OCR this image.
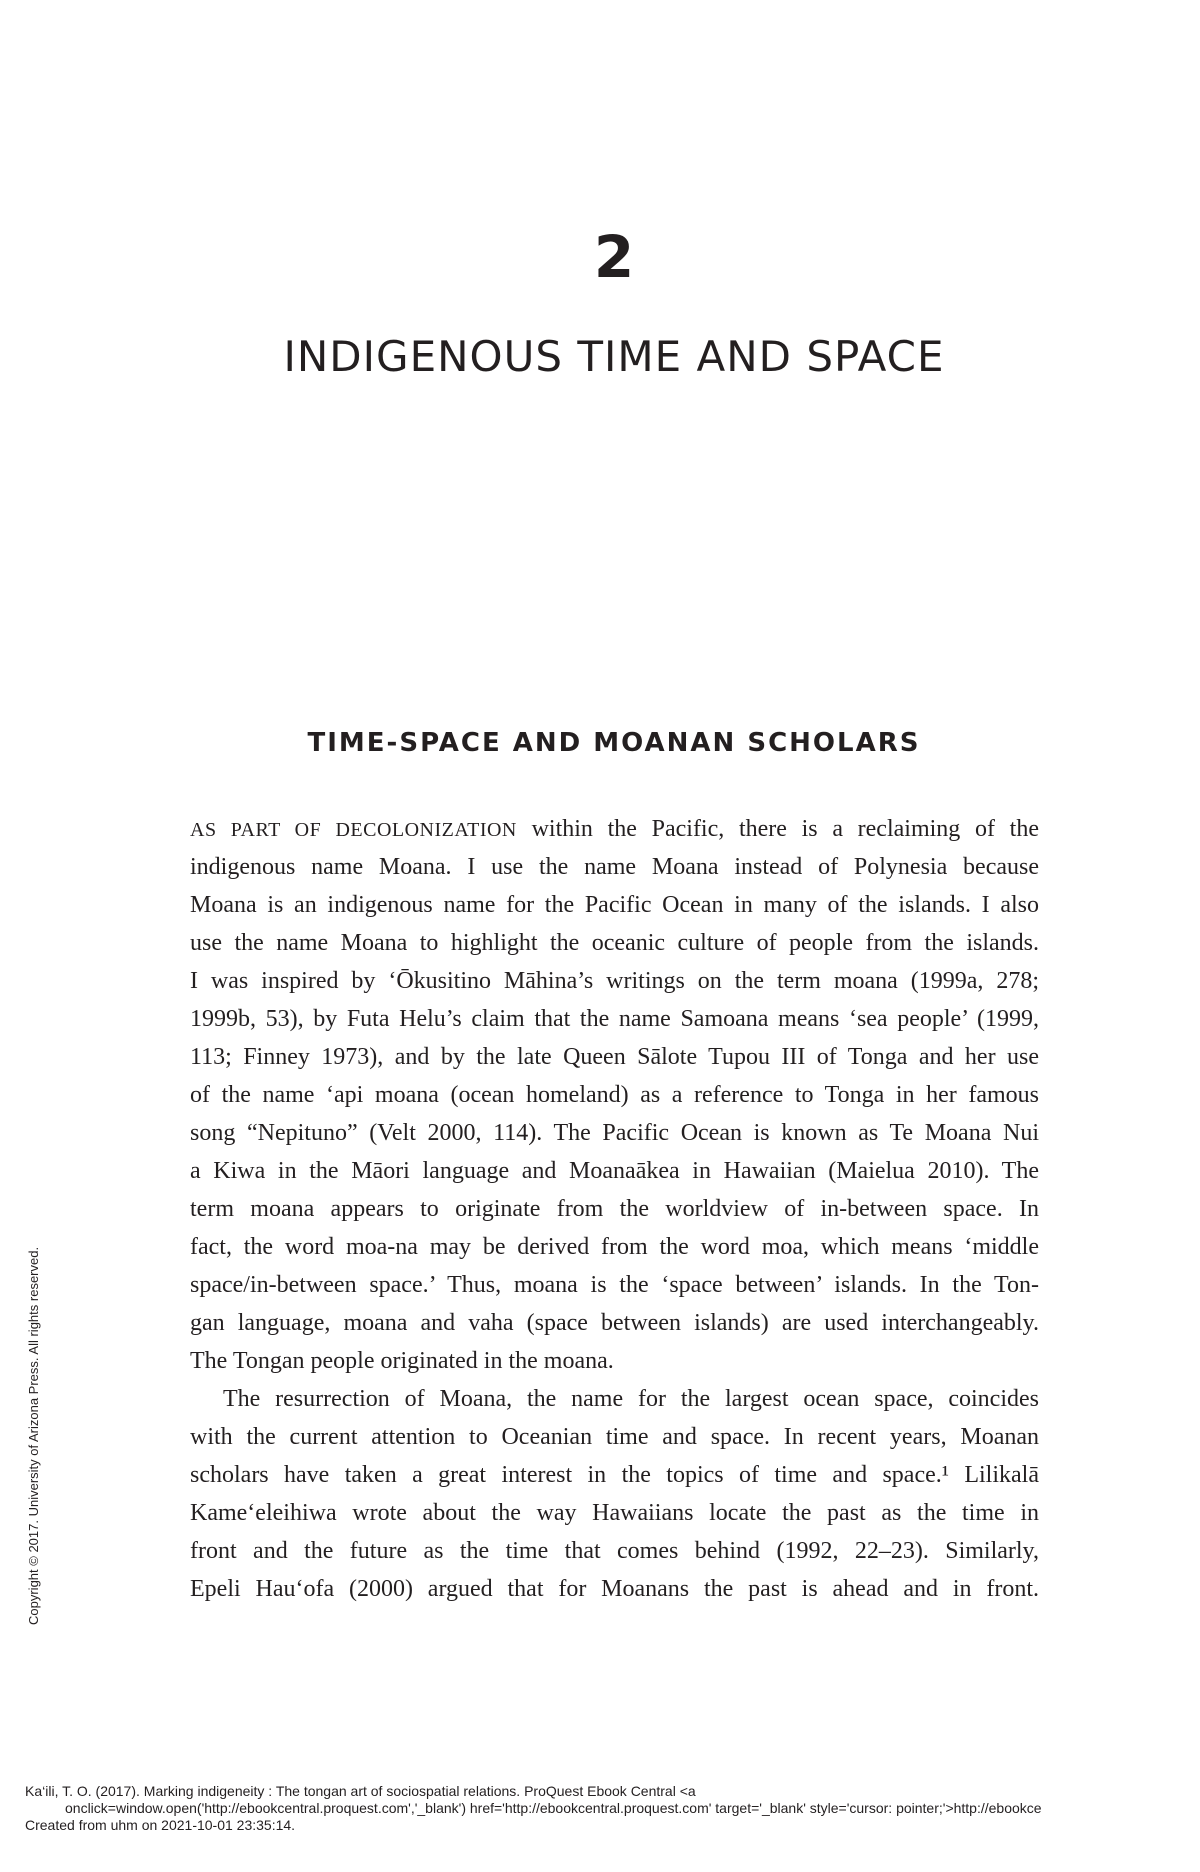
2
INDIGENOUS TIME AND SPACE
TIME-SPACE AND MOANAN SCHOLARS
AS PART OF DECOLONIZATION within the Pacific, there is a reclaiming of the
indigenous name Moana. I use the name Moana instead of Polynesia because
Moana is an indigenous name for the Pacific Ocean in many of the islands. I also
use the name Moana to highlight the oceanic culture of people from the islands.
I was inspired by ʻŌkusitino Māhina’s writings on the term moana (1999a, 278;
1999b, 53), by Futa Helu’s claim that the name Samoana means ‘sea people’ (1999,
113; Finney 1973), and by the late Queen Sālote Tupou III of Tonga and her use
of the name ʻapi moana (ocean homeland) as a reference to Tonga in her famous
song “Nepituno” (Velt 2000, 114). The Pacific Ocean is known as Te Moana Nui
a Kiwa in the Māori language and Moanaākea in Hawaiian (Maielua 2010). The
term moana appears to originate from the worldview of in-between space. In
fact, the word moa-na may be derived from the word moa, which means ‘middle
space/in-between space.’ Thus, moana is the ‘space between’ islands. In the Ton-
gan language, moana and vaha (space between islands) are used interchangeably.
The Tongan people originated in the moana.
The resurrection of Moana, the name for the largest ocean space, coincides
with the current attention to Oceanian time and space. In recent years, Moanan
scholars have taken a great interest in the topics of time and space.¹ Lilikalā
Kameʻeleihiwa wrote about the way Hawaiians locate the past as the time in
front and the future as the time that comes behind (1992, 22–23). Similarly,
Epeli Hauʻofa (2000) argued that for Moanans the past is ahead and in front.
Copyright © 2017. University of Arizona Press. All rights reserved.
Ka‘ili, T. O. (2017). Marking indigeneity : The tongan art of sociospatial relations. ProQuest Ebook Central <a
onclick=window.open('http://ebookcentral.proquest.com','_blank') href='http://ebookcentral.proquest.com' target='_blank' style='cursor: pointer;'>http://ebookce
Created from uhm on 2021-10-01 23:35:14.
